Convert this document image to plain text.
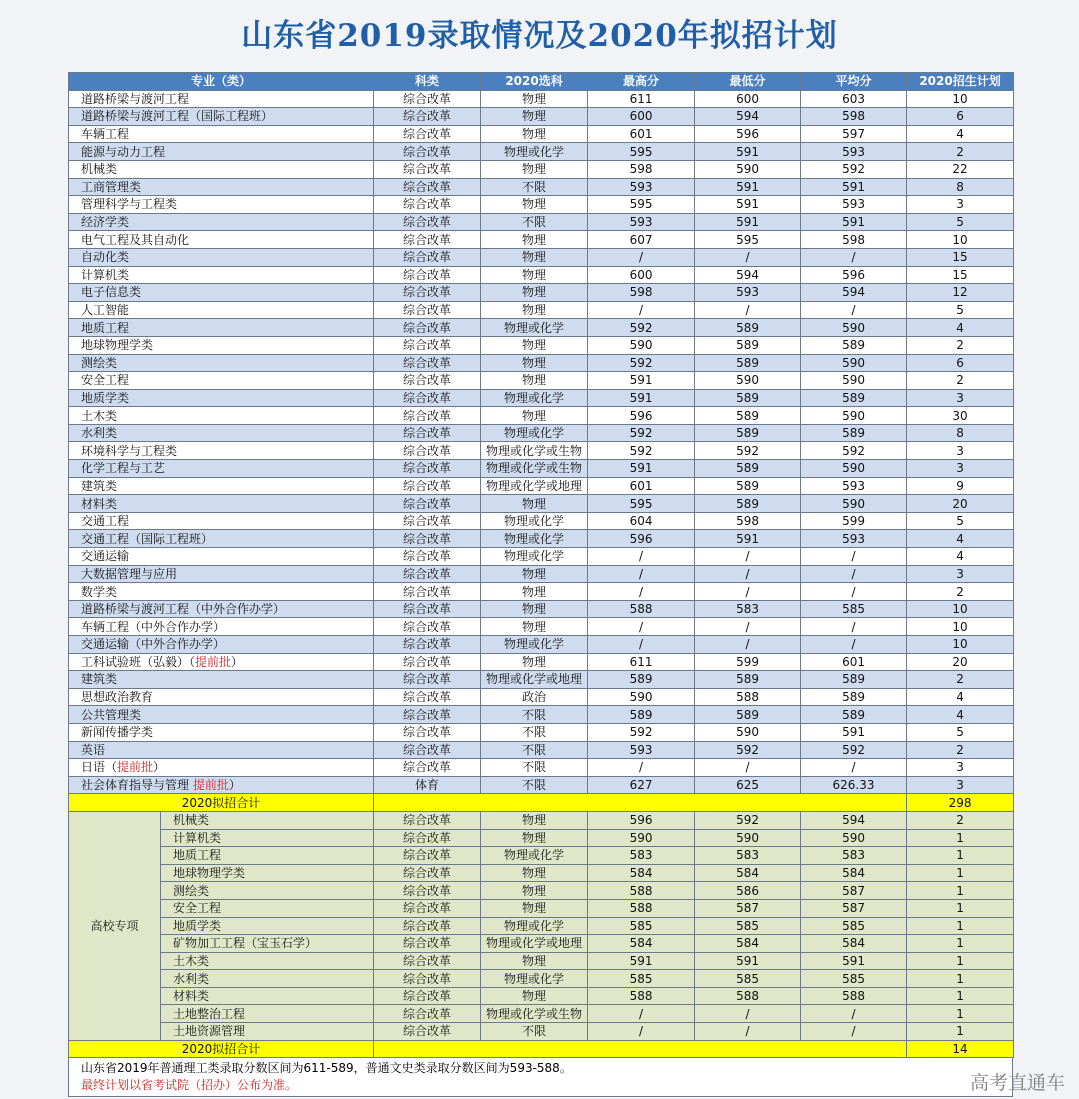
山东省2019录取情况及2020年拟招计划
专业（类）		科类	2020选科	最高分	最低分	平均分	2020招生计划
道路桥梁与渡河工程		综合改革	物理	611	600	603	10
道路桥梁与渡河工程（国际工程班）		综合改革	物理	600	594	598	6
车辆工程		综合改革	物理	601	596	597	4
能源与动力工程		综合改革	物理或化学	595	591	593	2
机械类		综合改革	物理	598	590	592	22
工商管理类		综合改革	不限	593	591	591	8
管理科学与工程类		综合改革	物理	595	591	593	3
经济学类		综合改革	不限	593	591	591	5
电气工程及其自动化		综合改革	物理	607	595	598	10
自动化类		综合改革	物理	/	/	/	15
计算机类		综合改革	物理	600	594	596	15
电子信息类		综合改革	物理	598	593	594	12
人工智能		综合改革	物理	/	/	/	5
地质工程		综合改革	物理或化学	592	589	590	4
地球物理学类		综合改革	物理	590	589	589	2
测绘类		综合改革	物理	592	589	590	6
安全工程		综合改革	物理	591	590	590	2
地质学类		综合改革	物理或化学	591	589	589	3
土木类		综合改革	物理	596	589	590	30
水利类		综合改革	物理或化学	592	589	589	8
环境科学与工程类		综合改革	物理或化学或生物	592	592	592	3
化学工程与工艺		综合改革	物理或化学或生物	591	589	590	3
建筑类		综合改革	物理或化学或地理	601	589	593	9
材料类		综合改革	物理	595	589	590	20
交通工程		综合改革	物理或化学	604	598	599	5
交通工程（国际工程班）		综合改革	物理或化学	596	591	593	4
交通运输		综合改革	物理或化学	/	/	/	4
大数据管理与应用		综合改革	物理	/	/	/	3
数学类		综合改革	物理	/	/	/	2
道路桥梁与渡河工程（中外合作办学）		综合改革	物理	588	583	585	10
车辆工程（中外合作办学）		综合改革	物理	/	/	/	10
交通运输（中外合作办学）		综合改革	物理或化学	/	/	/	10
工科试验班（弘毅）（提前批）		综合改革	物理	611	599	601	20
建筑类		综合改革	物理或化学或地理	589	589	589	2
思想政治教育		综合改革	政治	590	588	589	4
公共管理类		综合改革	不限	589	589	589	4
新闻传播学类		综合改革	不限	592	590	591	5
英语		综合改革	不限	593	592	592	2
日语（提前批）		综合改革	不限	/	/	/	3
社会体育指导与管理 提前批）		体育	不限	627	625	626.33	3
2020拟招合计							298
高校专项	机械类	综合改革	物理	596	592	594	2
	计算机类	综合改革	物理	590	590	590	1
	地质工程	综合改革	物理或化学	583	583	583	1
	地球物理学类	综合改革	物理	584	584	584	1
	测绘类	综合改革	物理	588	586	587	1
	安全工程	综合改革	物理	588	587	587	1
	地质学类	综合改革	物理或化学	585	585	585	1
	矿物加工工程（宝玉石学）	综合改革	物理或化学或地理	584	584	584	1
	土木类	综合改革	物理	591	591	591	1
	水利类	综合改革	物理或化学	585	585	585	1
	材料类	综合改革	物理	588	588	588	1
	土地整治工程	综合改革	物理或化学或生物	/	/	/	1
	土地资源管理	综合改革	不限	/	/	/	1
2020拟招合计							14
山东省2019年普通理工类录取分数区间为611-589，普通文史类录取分数区间为593-588。
最终计划以省考试院（招办）公布为准。	高考直通车
